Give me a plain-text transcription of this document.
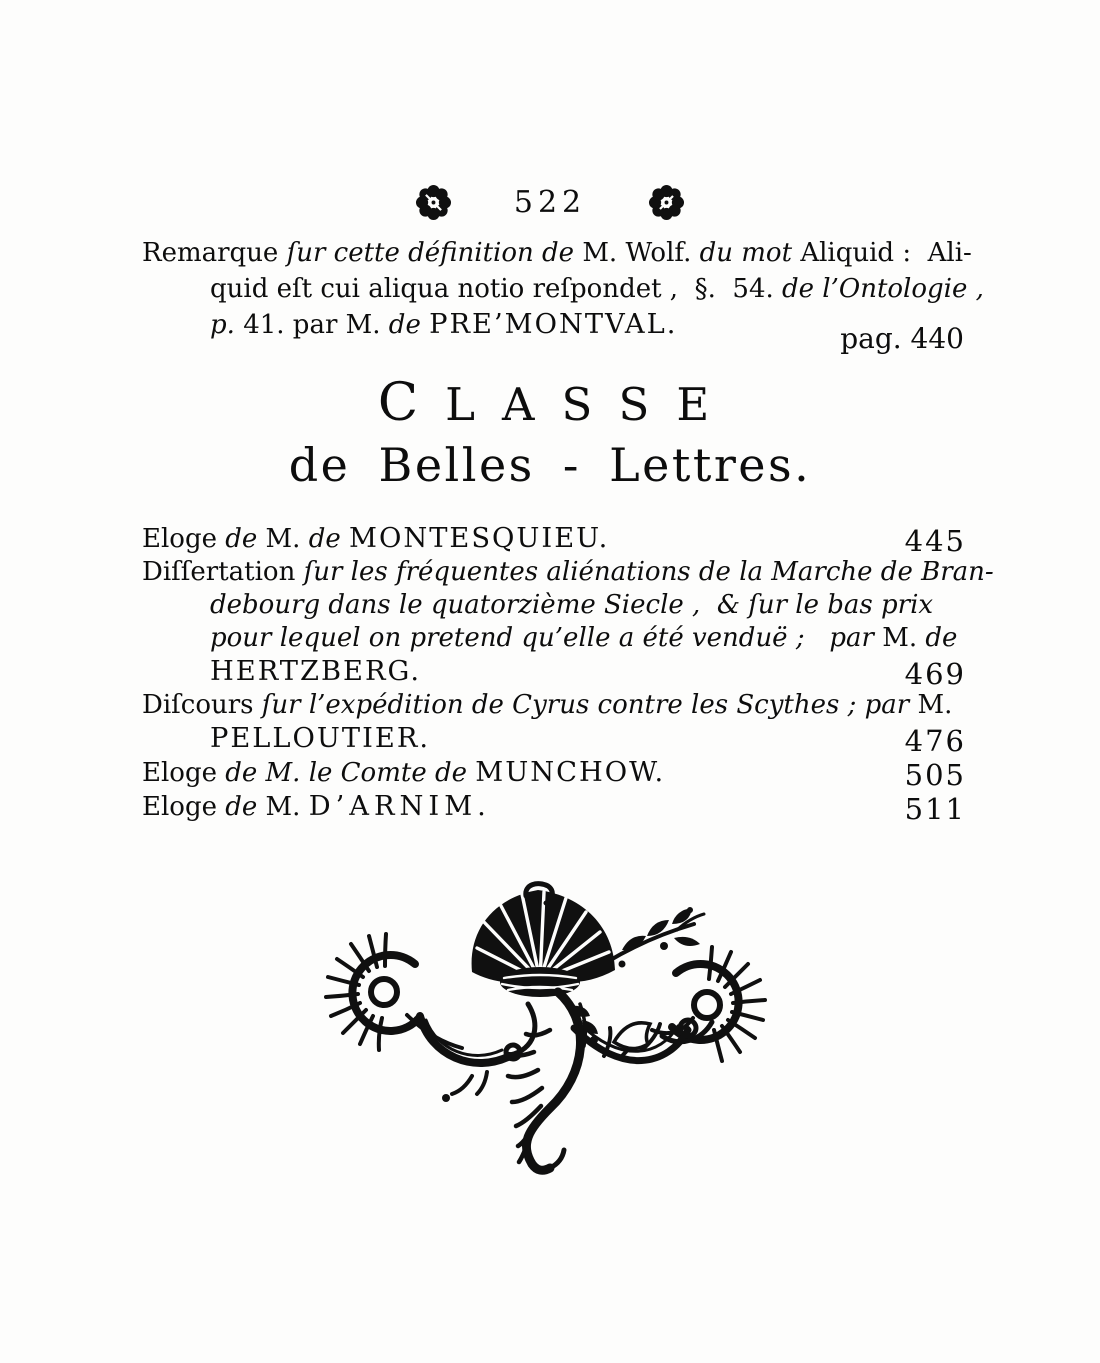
522
Remarque ſur cette définition de M. Wolf. du mot Aliquid :  Ali-
quid eſt cui aliqua notio reſpondet ,  §.  54. de l’Ontologie ,
p. 41. par M. de PRE’MONTVAL.	pag. 440
CLASSE
de Belles - Lettres.
Eloge de M. de MONTESQUIEU.	445
Diſſertation ſur les fréquentes aliénations de la Marche de Bran-
debourg dans le quatorzième Siecle ,  & ſur le bas prix
pour lequel on pretend qu’elle a été venduë ;   par M. de
HERTZBERG.	469
Diſcours ſur l’expédition de Cyrus contre les Scythes ; par M.
PELLOUTIER.	476
Eloge de M. le Comte de MUNCHOW.	505
Eloge de M. D’ARNIM.	511
